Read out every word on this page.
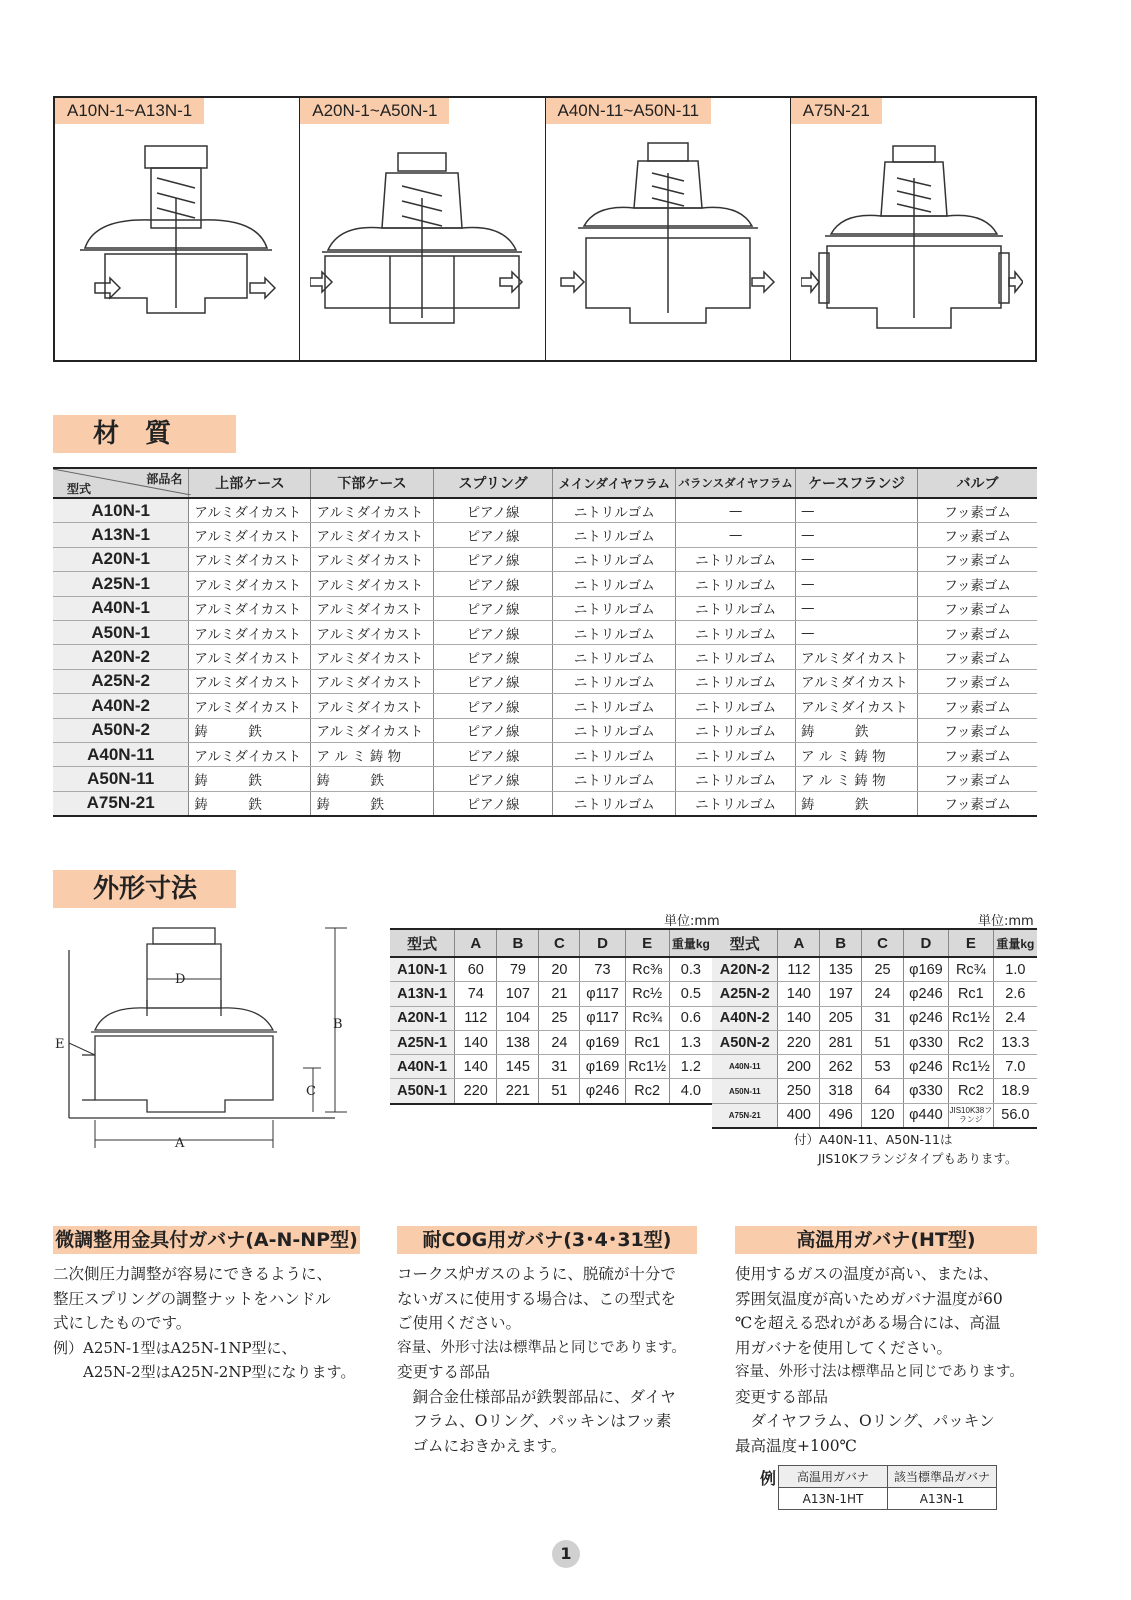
A10N-1~A13N-1	A20N-1~A50N-1	A40N-11~A50N-11	A75N-21
材　質
部品名
型式	上部ケース	下部ケース	スプリング	メインダイヤフラム	バランスダイヤフラム	ケースフランジ	バルブ
A10N-1	アルミダイカスト	アルミダイカスト	ピアノ線	ニトリルゴム	—	—	フッ素ゴム
A13N-1	アルミダイカスト	アルミダイカスト	ピアノ線	ニトリルゴム	—	—	フッ素ゴム
A20N-1	アルミダイカスト	アルミダイカスト	ピアノ線	ニトリルゴム	ニトリルゴム	—	フッ素ゴム
A25N-1	アルミダイカスト	アルミダイカスト	ピアノ線	ニトリルゴム	ニトリルゴム	—	フッ素ゴム
A40N-1	アルミダイカスト	アルミダイカスト	ピアノ線	ニトリルゴム	ニトリルゴム	—	フッ素ゴム
A50N-1	アルミダイカスト	アルミダイカスト	ピアノ線	ニトリルゴム	ニトリルゴム	—	フッ素ゴム
A20N-2	アルミダイカスト	アルミダイカスト	ピアノ線	ニトリルゴム	ニトリルゴム	アルミダイカスト	フッ素ゴム
A25N-2	アルミダイカスト	アルミダイカスト	ピアノ線	ニトリルゴム	ニトリルゴム	アルミダイカスト	フッ素ゴム
A40N-2	アルミダイカスト	アルミダイカスト	ピアノ線	ニトリルゴム	ニトリルゴム	アルミダイカスト	フッ素ゴム
A50N-2	鋳　　　鉄	アルミダイカスト	ピアノ線	ニトリルゴム	ニトリルゴム	鋳　　　鉄	フッ素ゴム
A40N-11	アルミダイカスト	ア ル ミ 鋳 物	ピアノ線	ニトリルゴム	ニトリルゴム	ア ル ミ 鋳 物	フッ素ゴム
A50N-11	鋳　　　鉄	鋳　　　鉄	ピアノ線	ニトリルゴム	ニトリルゴム	ア ル ミ 鋳 物	フッ素ゴム
A75N-21	鋳　　　鉄	鋳　　　鉄	ピアノ線	ニトリルゴム	ニトリルゴム	鋳　　　鉄	フッ素ゴム
外形寸法
D
B
C
A
E
単位:mm	単位:mm
型式	A	B	C	D	E	重量kg
A10N-1	60	79	20	73	Rc⅜	0.3
A13N-1	74	107	21	φ117	Rc½	0.5
A20N-1	112	104	25	φ117	Rc¾	0.6
A25N-1	140	138	24	φ169	Rc1	1.3
A40N-1	140	145	31	φ169	Rc1½	1.2
A50N-1	220	221	51	φ246	Rc2	4.0
型式	A	B	C	D	E	重量kg
A20N-2	112	135	25	φ169	Rc¾	1.0
A25N-2	140	197	24	φ246	Rc1	2.6
A40N-2	140	205	31	φ246	Rc1½	2.4
A50N-2	220	281	51	φ330	Rc2	13.3
A40N-11	200	262	53	φ246	Rc1½	7.0
A50N-11	250	318	64	φ330	Rc2	18.9
A75N-21	400	496	120	φ440	JIS10K38フランジ	56.0
付）A40N-11、A50N-11は
JIS10Kフランジタイプもあります。
微調整用金具付ガバナ(A-N-NP型)	耐COG用ガバナ(3･4･31型)	高温用ガバナ(HT型)
二次側圧力調整が容易にできるように、
整圧スプリングの調整ナットをハンドル
式にしたものです。
例）A25N-1型はA25N-1NP型に、
　　A25N-2型はA25N-2NP型になります。
コークス炉ガスのように、脱硫が十分で
ないガスに使用する場合は、この型式を
ご使用ください。
容量、外形寸法は標準品と同じであります。
変更する部品
　銅合金仕様部品が鉄製部品に、ダイヤ
　フラム、Oリング、パッキンはフッ素
　ゴムにおきかえます。
使用するガスの温度が高い、または、
雰囲気温度が高いためガバナ温度が60
℃を超える恐れがある場合には、高温
用ガバナを使用してください。
容量、外形寸法は標準品と同じであります。
変更する部品
　ダイヤフラム、Oリング、パッキン
最高温度+100℃
例 高温用ガバナ	該当標準品ガバナ
A13N-1HT	A13N-1
1
